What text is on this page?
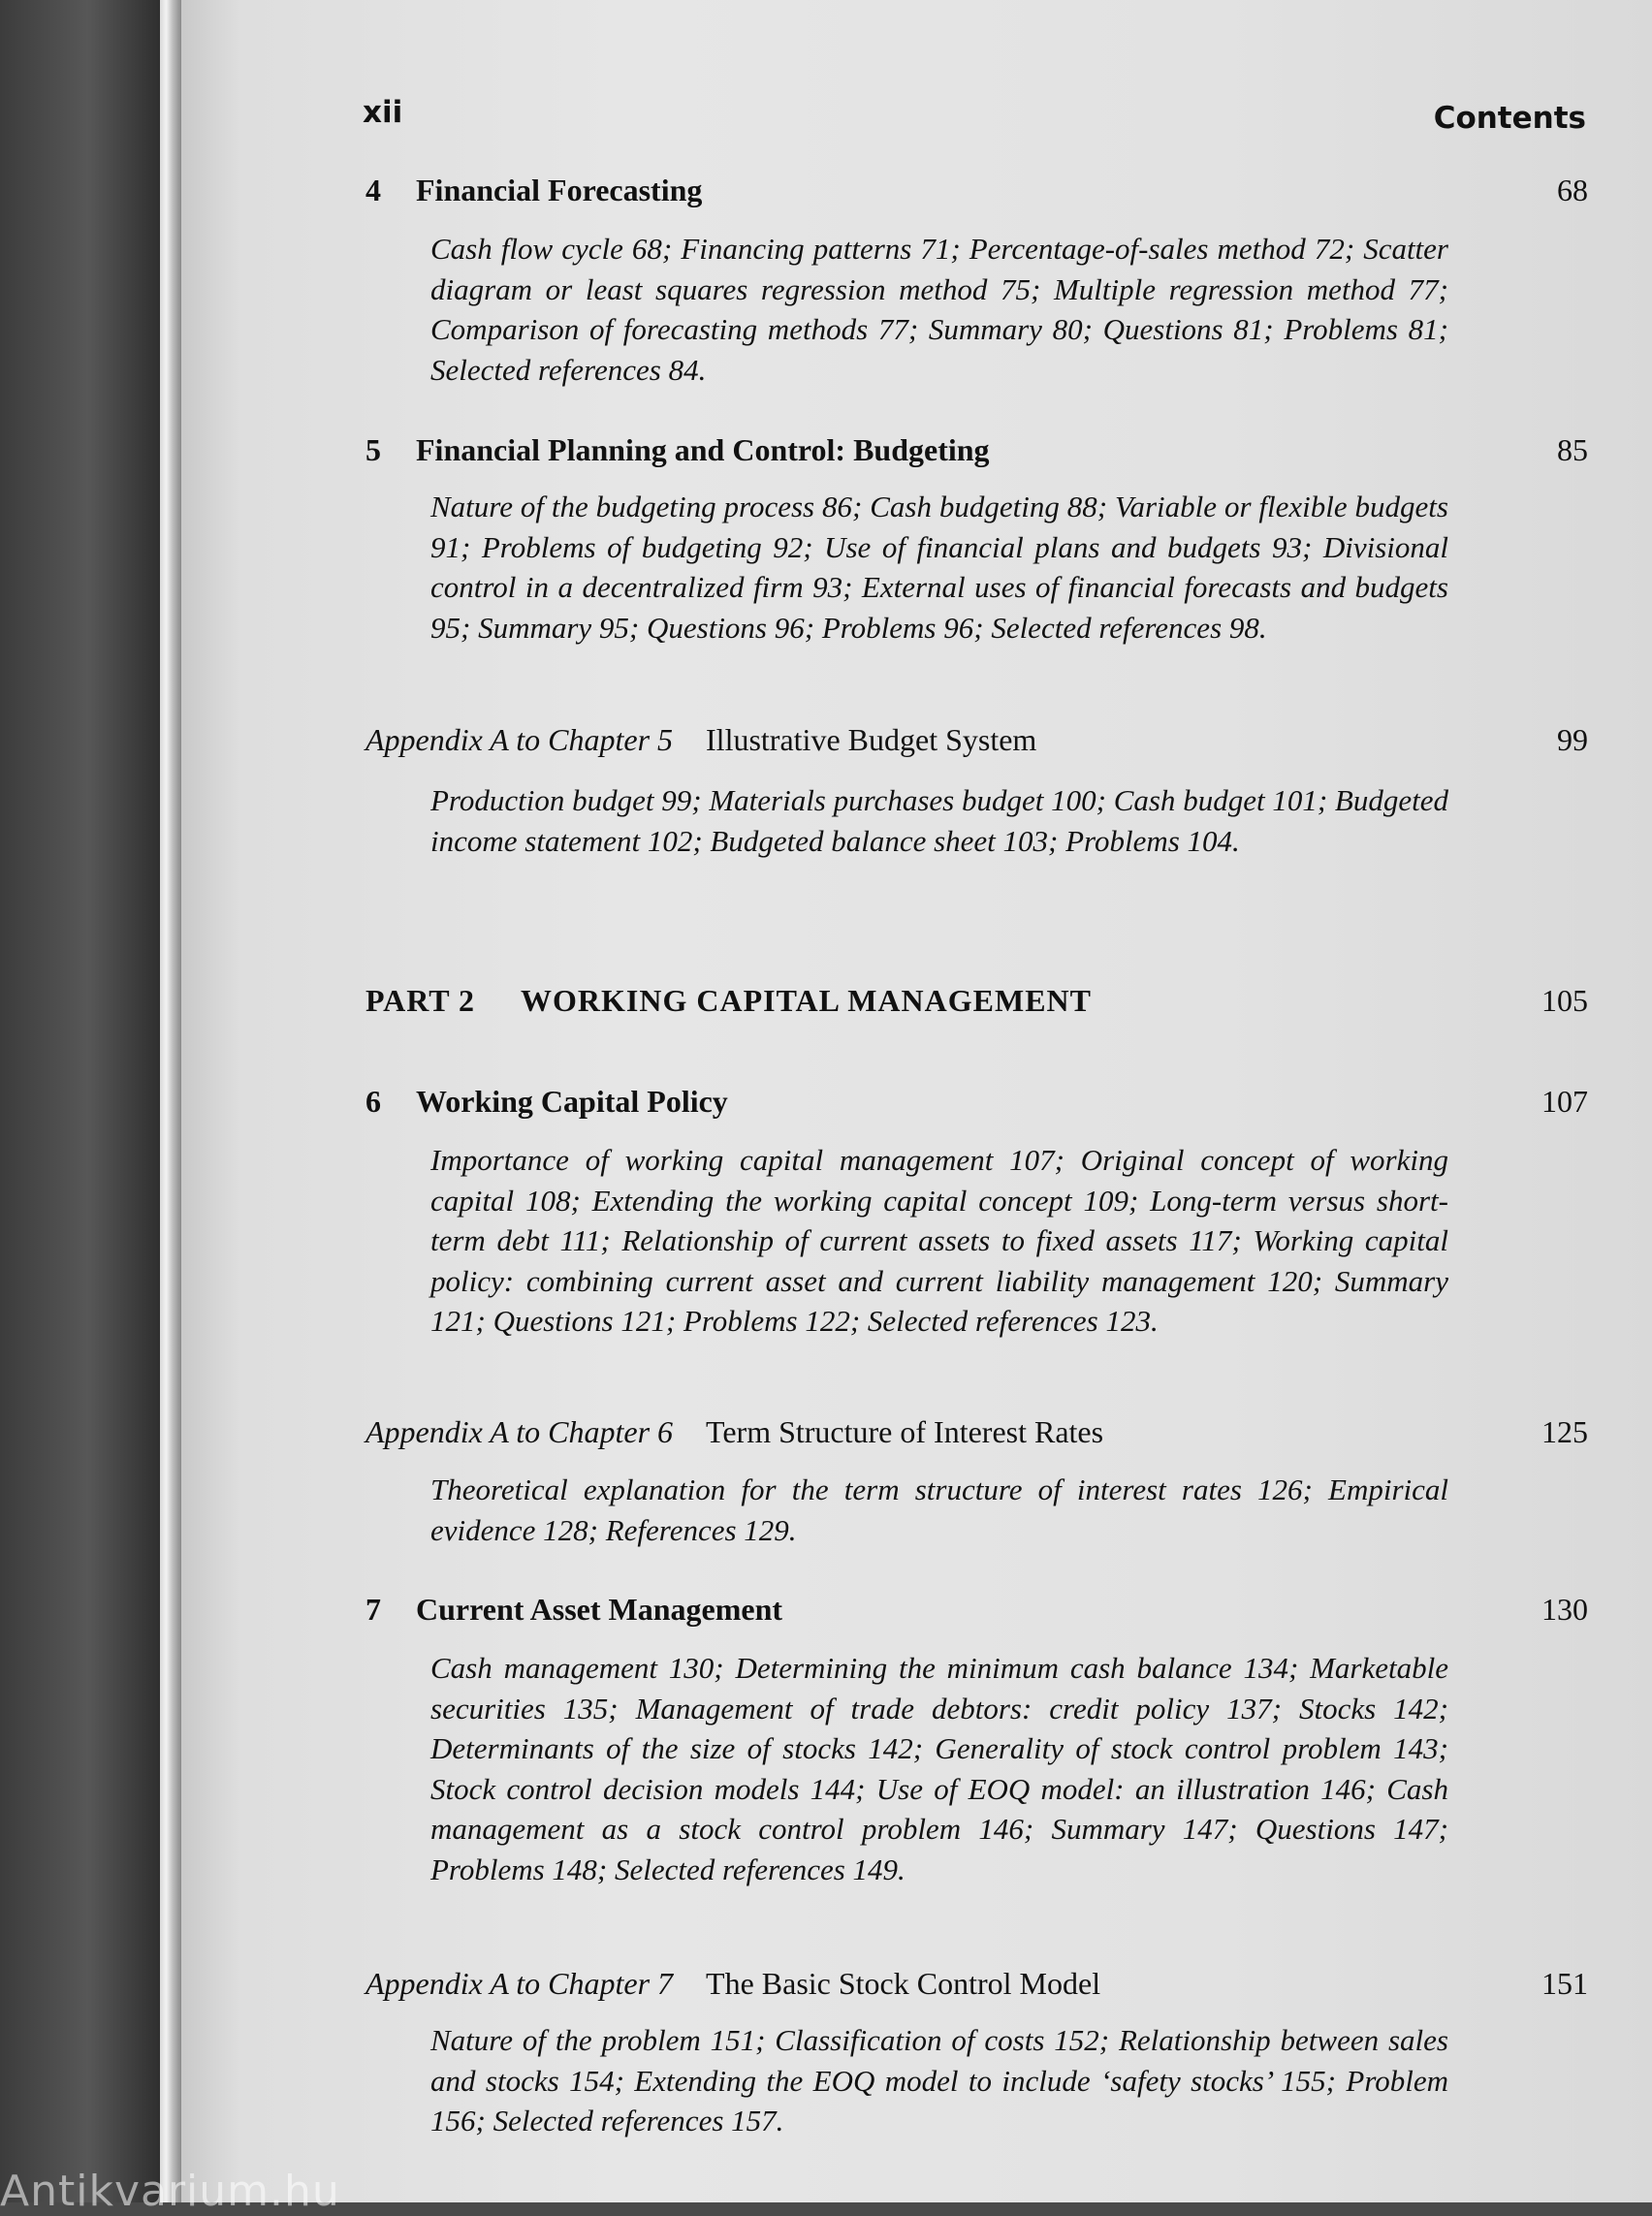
xii	Contents
4 Financial Forecasting	68

Cash flow cycle 68; Financing patterns 71; Percentage-of-sales method 72; Scatter diagram or least squares regression method 75; Multiple regression method 77; Comparison of forecasting methods 77; Summary 80; Questions 81; Problems 81; Selected references 84.

5 Financial Planning and Control: Budgeting	85

Nature of the budgeting process 86; Cash budgeting 88; Variable or flexible budgets 91; Problems of budgeting 92; Use of financial plans and budgets 93; Divisional control in a decentralized firm 93; External uses of financial forecasts and budgets 95; Summary 95; Questions 96; Problems 96; Selected references 98.

Appendix A to Chapter 5 Illustrative Budget System	99

Production budget 99; Materials purchases budget 100; Cash budget 101; Budgeted income statement 102; Budgeted balance sheet 103; Problems 104.

PART 2 WORKING CAPITAL MANAGEMENT	105
6 Working Capital Policy	107

Importance of working capital management 107; Original concept of working capital 108; Extending the working capital concept 109; Long-term versus short-term debt 111; Relationship of current assets to fixed assets 117; Working capital policy: combining current asset and current liability management 120; Summary 121; Questions 121; Problems 122; Selected references 123.

Appendix A to Chapter 6 Term Structure of Interest Rates	125

Theoretical explanation for the term structure of interest rates 126; Empirical evidence 128; References 129.

7 Current Asset Management	130

Cash management 130; Determining the minimum cash balance 134; Marketable securities 135; Management of trade debtors: credit policy 137; Stocks 142; Determinants of the size of stocks 142; Generality of stock control problem 143; Stock control decision models 144; Use of EOQ model: an illustration 146; Cash management as a stock control problem 146; Summary 147; Questions 147; Problems 148; Selected references 149.

Appendix A to Chapter 7 The Basic Stock Control Model	151

Nature of the problem 151; Classification of costs 152; Relationship between sales and stocks 154; Extending the EOQ model to include ‘safety stocks’ 155; Problem 156; Selected references 157.

Antikvarium.hu
